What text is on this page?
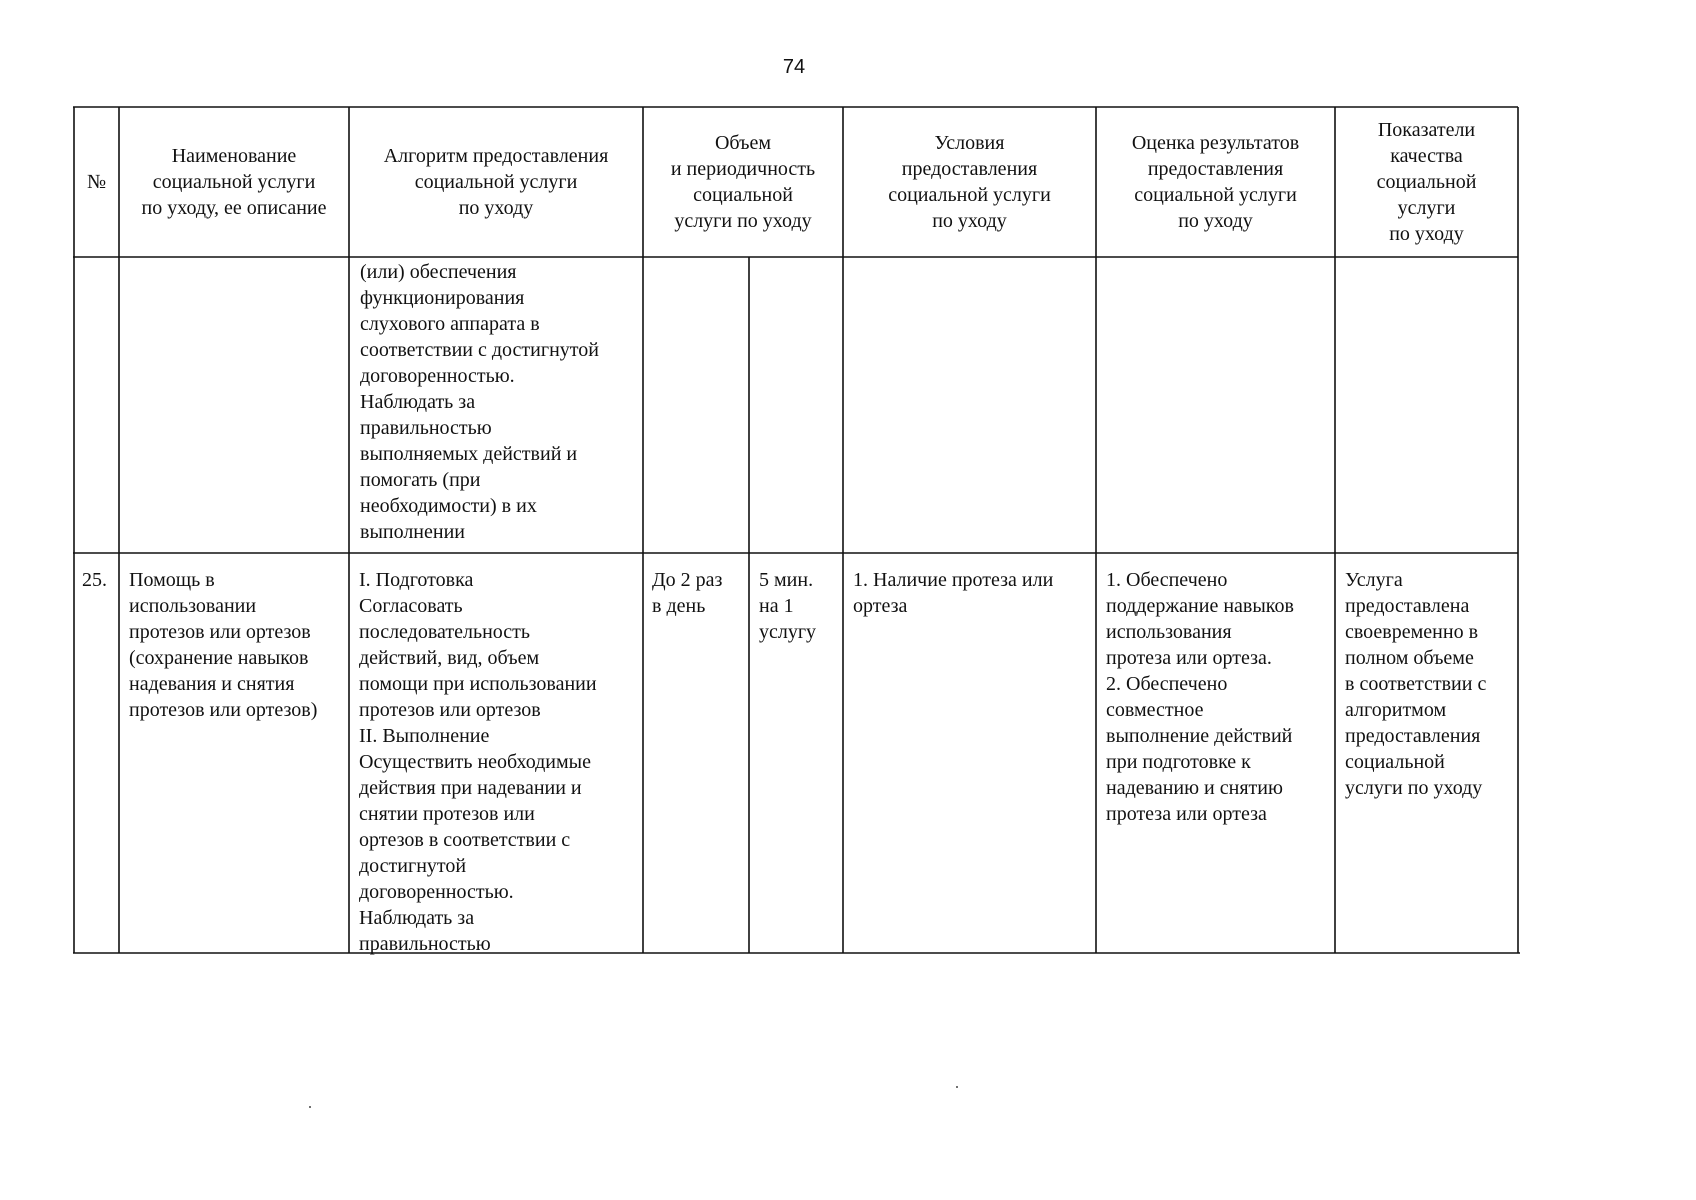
74
№
Наименование
социальной услуги
по уходу, ее описание
Алгоритм предоставления
социальной услуги
по уходу
Объем
и периодичность
социальной
услуги по уходу
Условия
предоставления
социальной услуги
по уходу
Оценка результатов
предоставления
социальной услуги
по уходу
Показатели
качества
социальной
услуги
по уходу
(или) обеспечения
функционирования
слухового аппарата в
соответствии с достигнутой
договоренностью.
Наблюдать за
правильностью
выполняемых действий и
помогать (при
необходимости) в их
выполнении
25.	Помощь в
использовании
протезов или ортезов
(сохранение навыков
надевания и снятия
протезов или ортезов)
I. Подготовка
Согласовать
последовательность
действий, вид, объем
помощи при использовании
протезов или ортезов
II. Выполнение
Осуществить необходимые
действия при надевании и
снятии протезов или
ортезов в соответствии с
достигнутой
договоренностью.
Наблюдать за
правильностью
До 2 раз
в день
5 мин.
на 1
услугу
1. Наличие протеза или
ортеза
1. Обеспечено
поддержание навыков
использования
протеза или ортеза.
2. Обеспечено
совместное
выполнение действий
при подготовке к
надеванию и снятию
протеза или ортеза
Услуга
предоставлена
своевременно в
полном объеме
в соответствии с
алгоритмом
предоставления
социальной
услуги по уходу
